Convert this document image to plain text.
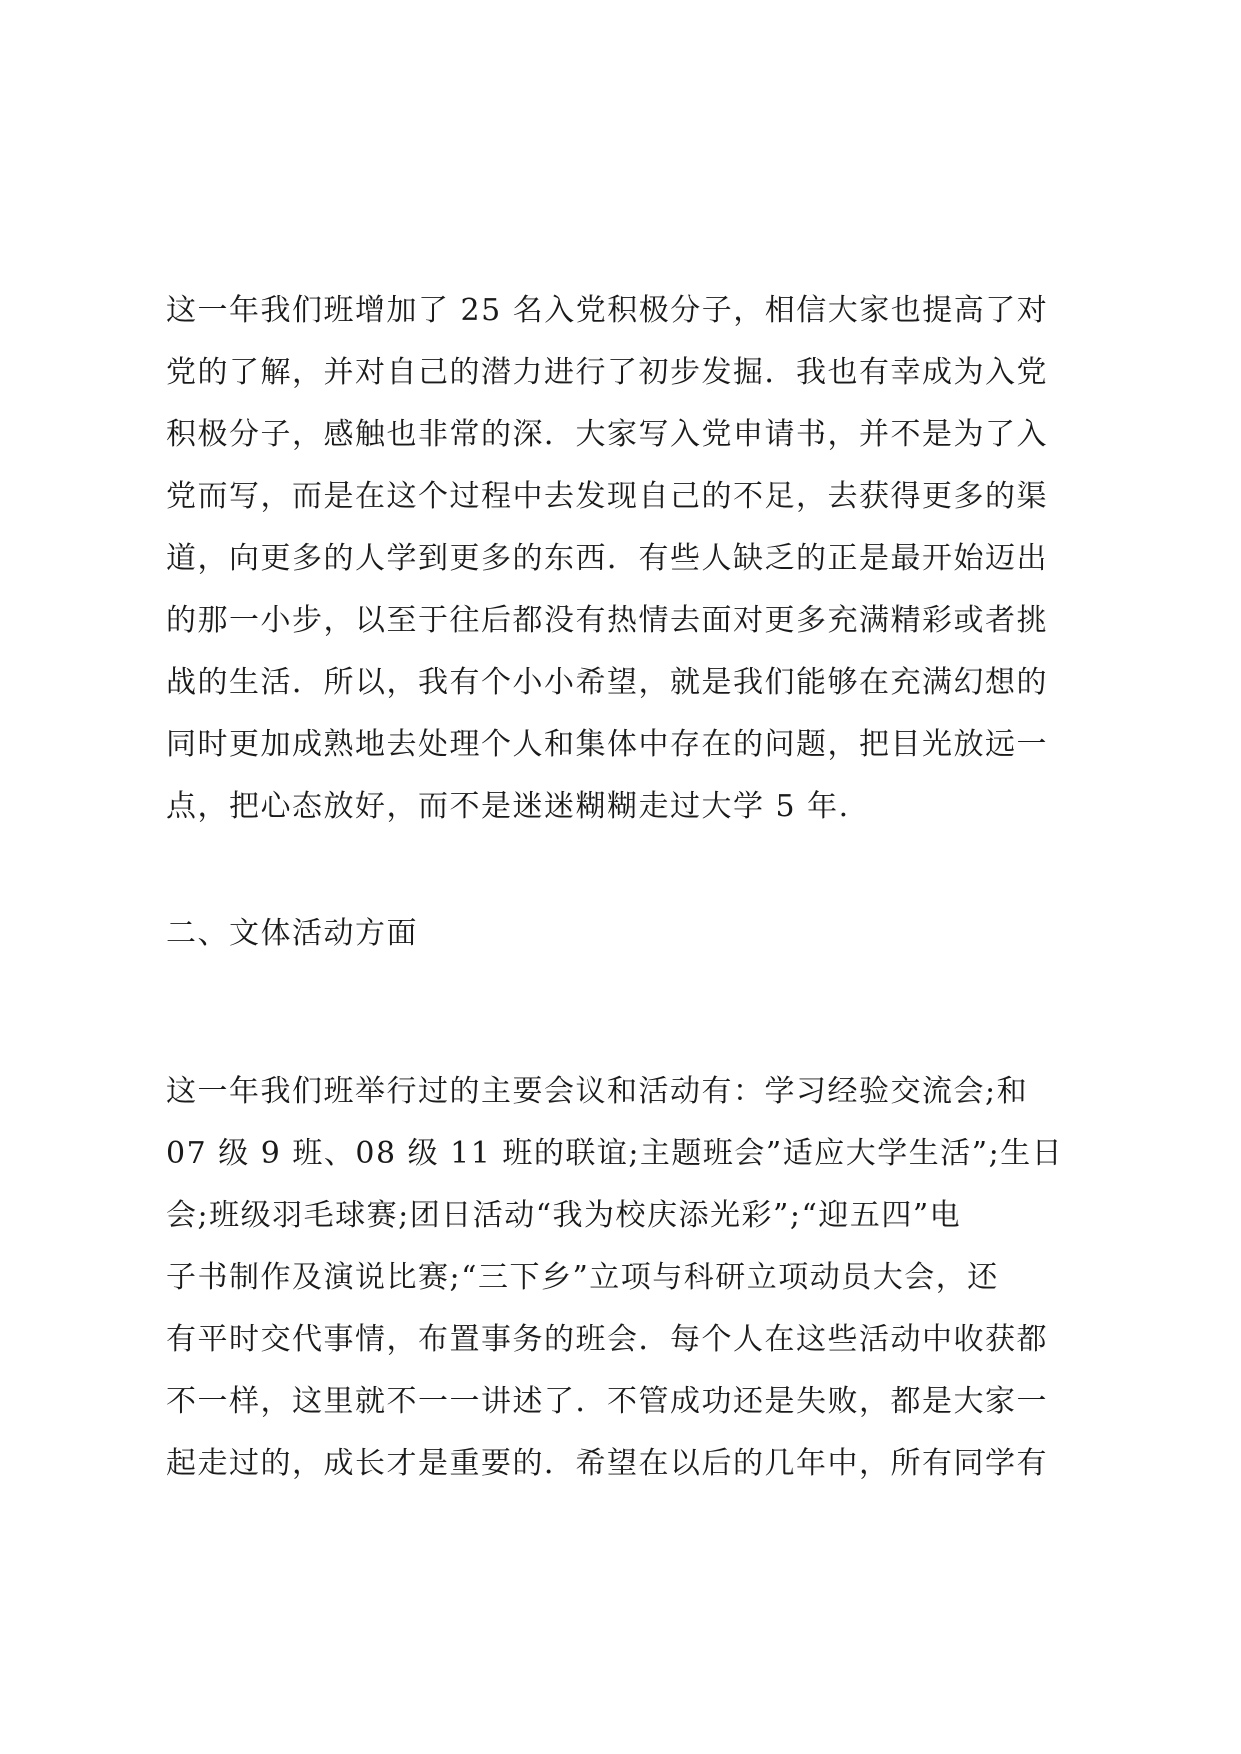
这一年我们班增加了 25 名入党积极分子，相信大家也提高了对
党的了解，并对自己的潜力进行了初步发掘．我也有幸成为入党
积极分子，感触也非常的深．大家写入党申请书，并不是为了入
党而写，而是在这个过程中去发现自己的不足，去获得更多的渠
道，向更多的人学到更多的东西．有些人缺乏的正是最开始迈出
的那一小步，以至于往后都没有热情去面对更多充满精彩或者挑
战的生活．所以，我有个小小希望，就是我们能够在充满幻想的
同时更加成熟地去处理个人和集体中存在的问题，把目光放远一
点，把心态放好，而不是迷迷糊糊走过大学 5 年.
二、文体活动方面
这一年我们班举行过的主要会议和活动有：学习经验交流会;和
07 级 9 班、08 级 11 班的联谊;主题班会”适应大学生活”;生日
会;班级羽毛球赛;团日活动“我为校庆添光彩”;“迎五四”电
子书制作及演说比赛;“三下乡”立项与科研立项动员大会，还
有平时交代事情，布置事务的班会．每个人在这些活动中收获都
不一样，这里就不一一讲述了．不管成功还是失败，都是大家一
起走过的，成长才是重要的．希望在以后的几年中，所有同学有
